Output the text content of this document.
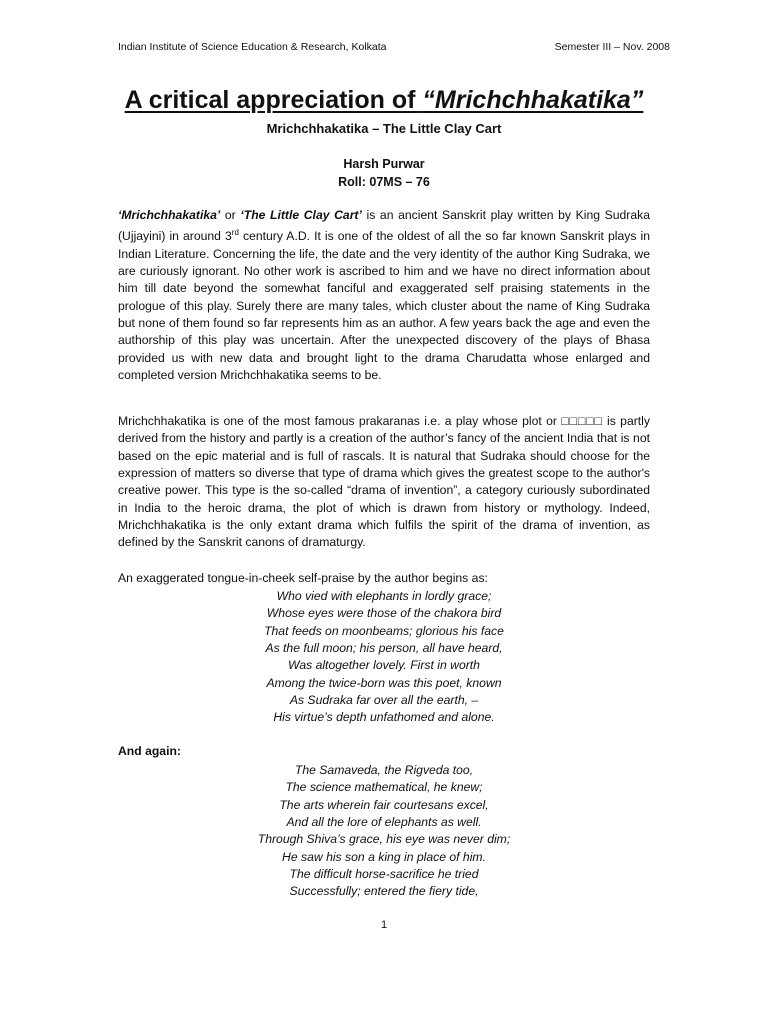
Indian Institute of Science Education & Research, Kolkata	Semester III – Nov. 2008
A critical appreciation of “Mrichchhakatika”
Mrichchhakatika – The Little Clay Cart
Harsh Purwar
Roll: 07MS – 76
‘Mrichchhakatika’ or ‘The Little Clay Cart’ is an ancient Sanskrit play written by King Sudraka (Ujjayini) in around 3rd century A.D. It is one of the oldest of all the so far known Sanskrit plays in Indian Literature. Concerning the life, the date and the very identity of the author King Sudraka, we are curiously ignorant. No other work is ascribed to him and we have no direct information about him till date beyond the somewhat fanciful and exaggerated self praising statements in the prologue of this play. Surely there are many tales, which cluster about the name of King Sudraka but none of them found so far represents him as an author. A few years back the age and even the authorship of this play was uncertain. After the unexpected discovery of the plays of Bhasa provided us with new data and brought light to the drama Charudatta whose enlarged and completed version Mrichchhakatika seems to be.
Mrichchhakatika is one of the most famous prakaranas i.e. a play whose plot or □□□□□ is partly derived from the history and partly is a creation of the author’s fancy of the ancient India that is not based on the epic material and is full of rascals. It is natural that Sudraka should choose for the expression of matters so diverse that type of drama which gives the greatest scope to the author's creative power. This type is the so-called “drama of invention”, a category curiously subordinated in India to the heroic drama, the plot of which is drawn from history or mythology. Indeed, Mrichchhakatika is the only extant drama which fulfils the spirit of the drama of invention, as defined by the Sanskrit canons of dramaturgy.
An exaggerated tongue-in-cheek self-praise by the author begins as:
Who vied with elephants in lordly grace;
Whose eyes were those of the chakora bird
That feeds on moonbeams; glorious his face
As the full moon; his person, all have heard,
Was altogether lovely. First in worth
Among the twice-born was this poet, known
As Sudraka far over all the earth, –
His virtue’s depth unfathomed and alone.
And again:
The Samaveda, the Rigveda too,
The science mathematical, he knew;
The arts wherein fair courtesans excel,
And all the lore of elephants as well.
Through Shiva’s grace, his eye was never dim;
He saw his son a king in place of him.
The difficult horse-sacrifice he tried
Successfully; entered the fiery tide,
1
